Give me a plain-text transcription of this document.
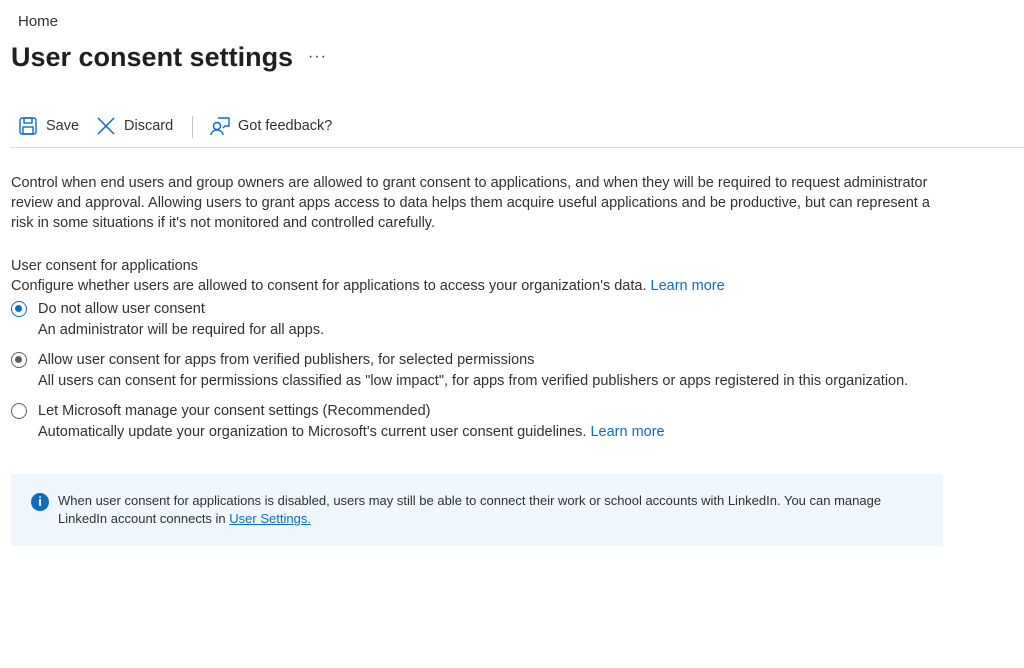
Home
User consent settings ···
Save	Discard	Got feedback?
Control when end users and group owners are allowed to grant consent to applications, and when they will be required to request administrator review and approval. Allowing users to grant apps access to data helps them acquire useful applications and be productive, but can represent a risk in some situations if it's not monitored and controlled carefully.
User consent for applications
Configure whether users are allowed to consent for applications to access your organization's data. Learn more
Do not allow user consent
An administrator will be required for all apps.
Allow user consent for apps from verified publishers, for selected permissions
All users can consent for permissions classified as "low impact", for apps from verified publishers or apps registered in this organization.
Let Microsoft manage your consent settings (Recommended)
Automatically update your organization to Microsoft's current user consent guidelines. Learn more
i	When user consent for applications is disabled, users may still be able to connect their work or school accounts with LinkedIn. You can manage LinkedIn account connects in User Settings.
